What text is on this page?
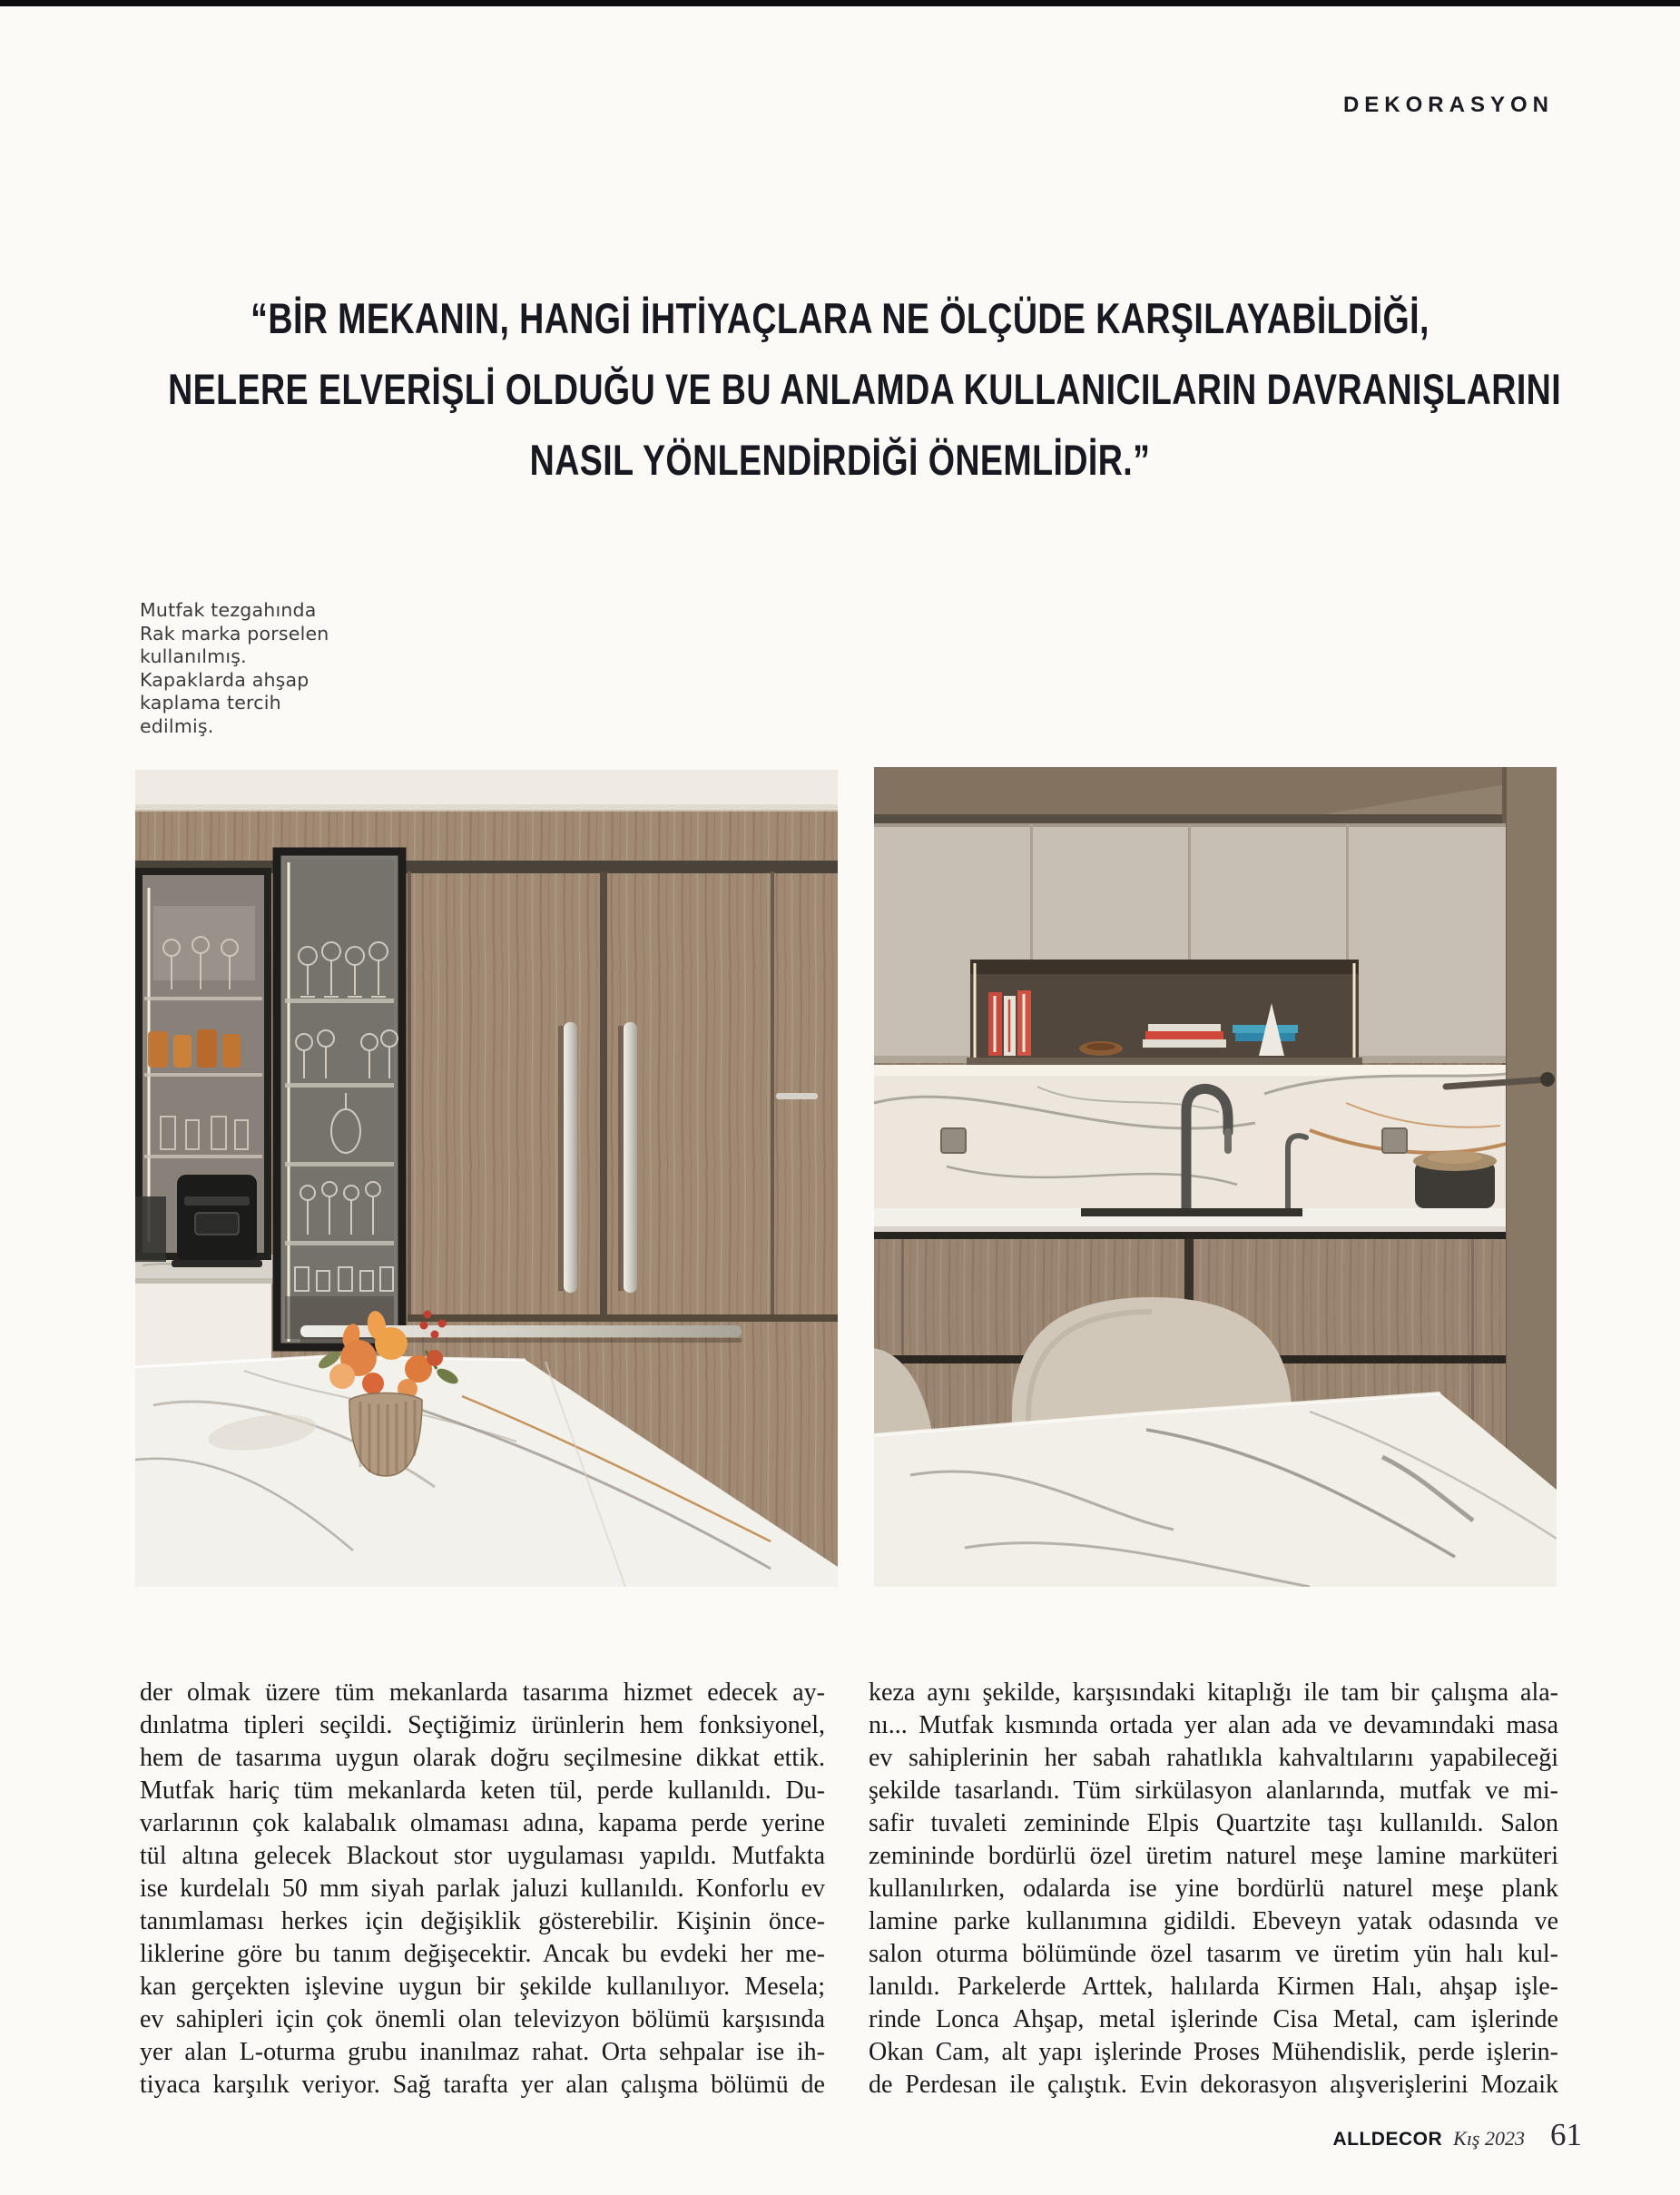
DEKORASYON
“BİR MEKANIN, HANGİ İHTİYAÇLARA NE ÖLÇÜDE KARŞILAYABİLDİĞİ,
NELERE ELVERİŞLİ OLDUĞU VE BU ANLAMDA KULLANICILARIN DAVRANIŞLARINI
NASIL YÖNLENDİRDİĞİ ÖNEMLİDİR.”
Mutfak tezgahında
Rak marka porselen
kullanılmış.
Kapaklarda ahşap
kaplama tercih
edilmiş.
der olmak üzere tüm mekanlarda tasarıma hizmet edecek ay-
dınlatma tipleri seçildi. Seçtiğimiz ürünlerin hem fonksiyonel,
hem de tasarıma uygun olarak doğru seçilmesine dikkat ettik.
Mutfak hariç tüm mekanlarda keten tül, perde kullanıldı. Du-
varlarının çok kalabalık olmaması adına, kapama perde yerine
tül altına gelecek Blackout stor uygulaması yapıldı. Mutfakta
ise kurdelalı 50 mm siyah parlak jaluzi kullanıldı. Konforlu ev
tanımlaması herkes için değişiklik gösterebilir. Kişinin önce-
liklerine göre bu tanım değişecektir. Ancak bu evdeki her me-
kan gerçekten işlevine uygun bir şekilde kullanılıyor. Mesela;
ev sahipleri için çok önemli olan televizyon bölümü karşısında
yer alan L-oturma grubu inanılmaz rahat. Orta sehpalar ise ih-
tiyaca karşılık veriyor. Sağ tarafta yer alan çalışma bölümü de
keza aynı şekilde, karşısındaki kitaplığı ile tam bir çalışma ala-
nı... Mutfak kısmında ortada yer alan ada ve devamındaki masa
ev sahiplerinin her sabah rahatlıkla kahvaltılarını yapabileceği
şekilde tasarlandı. Tüm sirkülasyon alanlarında, mutfak ve mi-
safir tuvaleti zemininde Elpis Quartzite taşı kullanıldı. Salon
zemininde bordürlü özel üretim naturel meşe lamine marküteri
kullanılırken, odalarda ise yine bordürlü naturel meşe plank
lamine parke kullanımına gidildi. Ebeveyn yatak odasında ve
salon oturma bölümünde özel tasarım ve üretim yün halı kul-
lanıldı. Parkelerde Arttek, halılarda Kirmen Halı, ahşap işle-
rinde Lonca Ahşap, metal işlerinde Cisa Metal, cam işlerinde
Okan Cam, alt yapı işlerinde Proses Mühendislik, perde işlerin-
de Perdesan ile çalıştık. Evin dekorasyon alışverişlerini Mozaik
ALLDECOR Kış 2023 61
